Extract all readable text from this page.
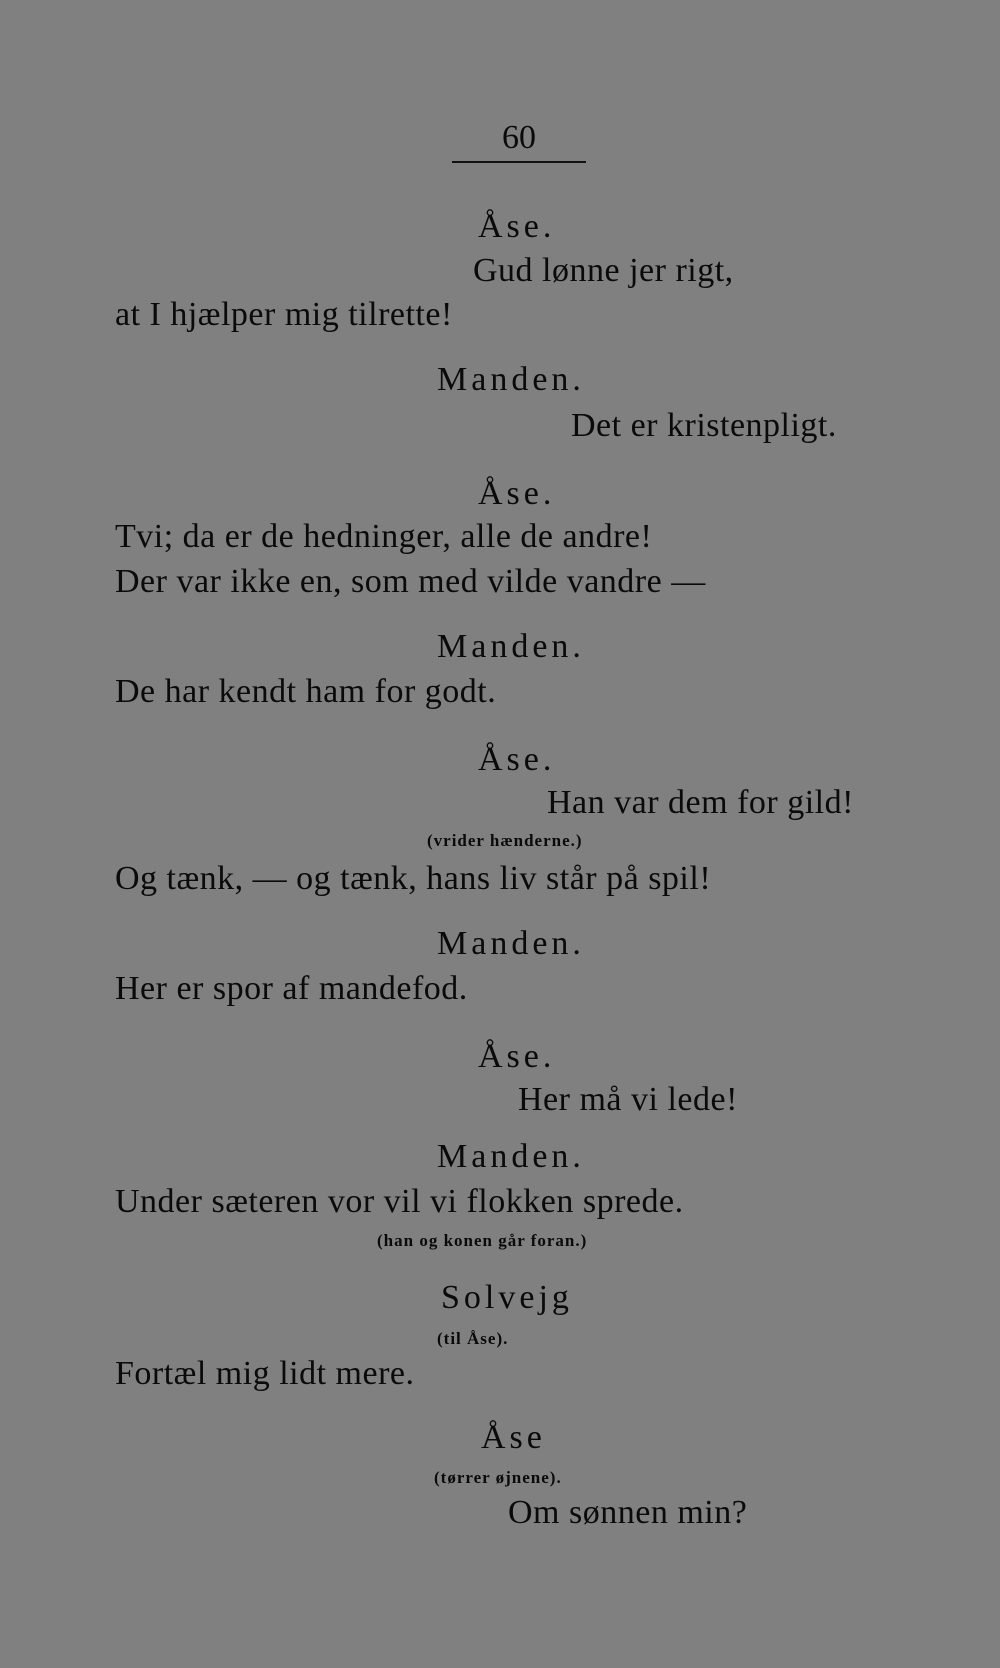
60
Åse.
Gud lønne jer rigt,
at I hjælper mig tilrette!
Manden.
Det er kristenpligt.
Åse.
Tvi; da er de hedninger, alle de andre!
Der var ikke en, som med vilde vandre —
Manden.
De har kendt ham for godt.
Åse.
Han var dem for gild!
(vrider hænderne.)
Og tænk, — og tænk, hans liv står på spil!
Manden.
Her er spor af mandefod.
Åse.
Her må vi lede!
Manden.
Under sæteren vor vil vi flokken sprede.
(han og konen går foran.)
Solvejg
(til Åse).
Fortæl mig lidt mere.
Åse
(tørrer øjnene).
Om sønnen min?
